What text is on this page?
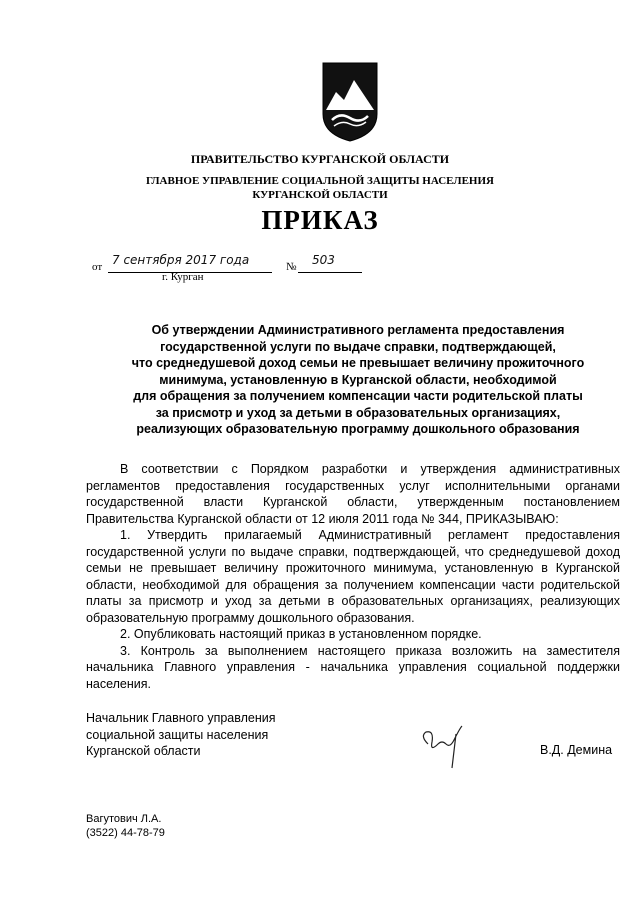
ПРАВИТЕЛЬСТВО КУРГАНСКОЙ ОБЛАСТИ
ГЛАВНОЕ УПРАВЛЕНИЕ СОЦИАЛЬНОЙ ЗАЩИТЫ НАСЕЛЕНИЯ
КУРГАНСКОЙ ОБЛАСТИ
ПРИКАЗ
от 7 сентября 2017 года	№ 503
г. Курган
Об утверждении Административного регламента предоставления
государственной услуги по выдаче справки, подтверждающей,
что среднедушевой доход семьи не превышает величину прожиточного
минимума, установленную в Курганской области, необходимой
для обращения за получением компенсации части родительской платы
за присмотр и уход за детьми в образовательных организациях,
реализующих образовательную программу дошкольного образования

В соответствии с Порядком разработки и утверждения административных регламентов предоставления государственных услуг исполнительными органами государственной власти Курганской области, утвержденным постановлением Правительства Курганской области от 12 июля 2011 года № 344, ПРИКАЗЫВАЮ:

1. Утвердить прилагаемый Административный регламент предоставления государственной услуги по выдаче справки, подтверждающей, что среднедушевой доход семьи не превышает величину прожиточного минимума, установленную в Курганской области, необходимой для обращения за получением компенсации части родительской платы за присмотр и уход за детьми в образовательных организациях, реализующих образовательную программу дошкольного образования.

2. Опубликовать настоящий приказ в установленном порядке.

3. Контроль за выполнением настоящего приказа возложить на заместителя начальника Главного управления - начальника управления социальной поддержки населения.

Начальник Главного управления
социальной защиты населения
Курганской области	В.Д. Демина
Вагутович Л.А.
(3522) 44-78-79
